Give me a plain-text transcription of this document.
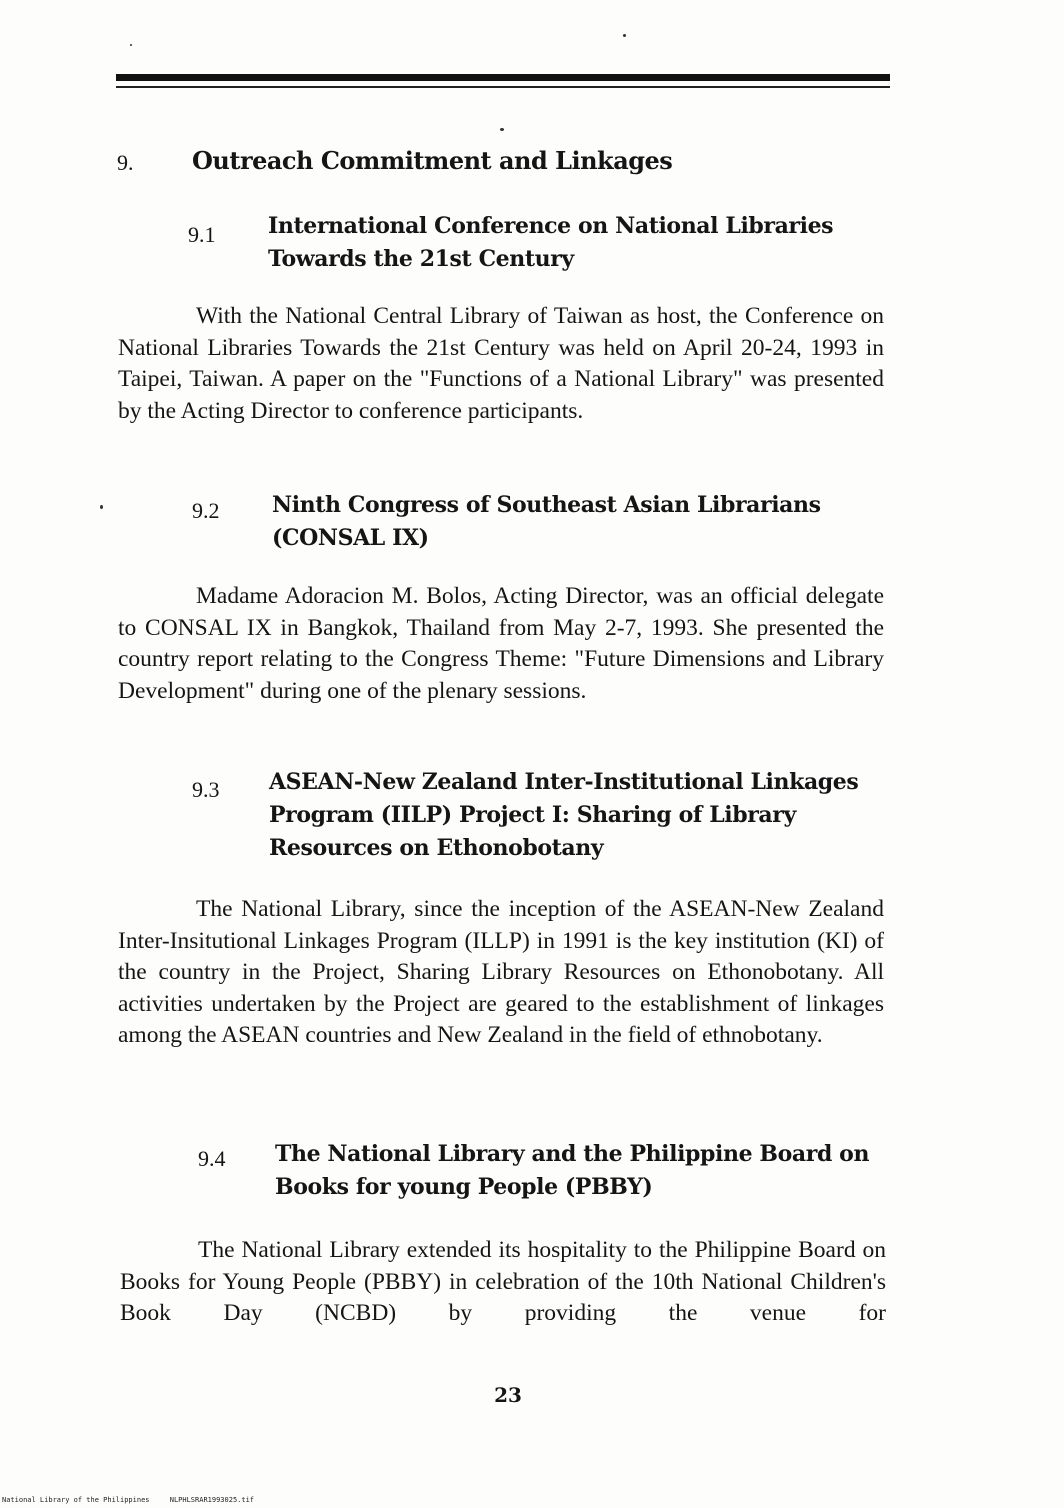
9. Outreach Commitment and Linkages
9.1 International Conference on National Libraries
Towards the 21st Century

With the National Central Library of Taiwan as host, the Conference on National Libraries Towards the 21st Century was held on April 20-24, 1993 in Taipei, Taiwan. A paper on the "Functions of a National Library" was presented by the Acting Director to conference participants.

9.2 Ninth Congress of Southeast Asian Librarians
(CONSAL IX)

Madame Adoracion M. Bolos, Acting Director, was an official delegate to CONSAL IX in Bangkok, Thailand from May 2-7, 1993. She presented the country report relating to the Congress Theme: "Future Dimensions and Library Development" during one of the plenary sessions.

9.3 ASEAN-New Zealand Inter-Institutional Linkages
Program (IILP) Project I: Sharing of Library
Resources on Ethonobotany

The National Library, since the inception of the ASEAN-New Zealand Inter-Insitutional Linkages Program (ILLP) in 1991 is the key institution (KI) of the country in the Project, Sharing Library Resources on Ethonobotany. All activities undertaken by the Project are geared to the establishment of linkages among the ASEAN countries and New Zealand in the field of ethnobotany.

9.4 The National Library and the Philippine Board on
Books for young People (PBBY)

The National Library extended its hospitality to the Philippine Board on Books for Young People (PBBY) in celebration of the 10th National Children's Book Day (NCBD) by providing the venue for

23
National Library of the Philippines	NLPHLSRAR1993025.tif
